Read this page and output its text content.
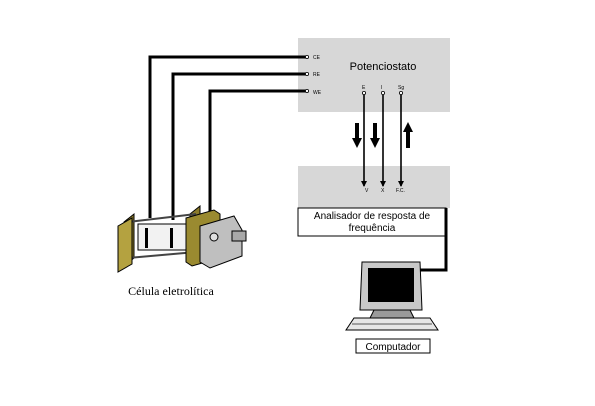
Potenciostato
CE
RE
WE
E	I	Sg
V	X F.C.
Analisador de resposta de
frequência
Célula eletrolítica
Computador
